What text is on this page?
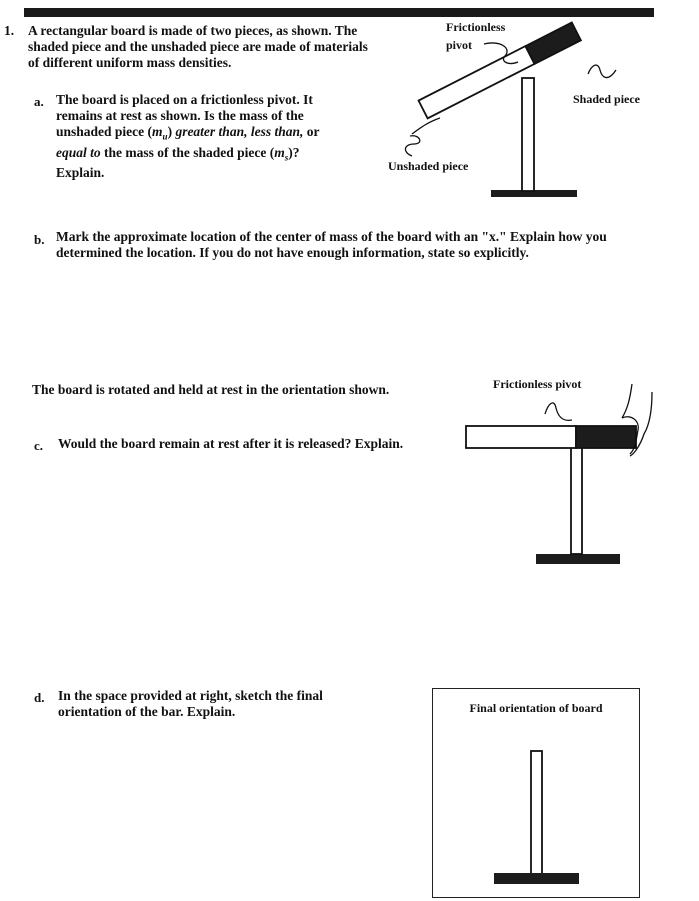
1. A rectangular board is made of two pieces, as shown. The shaded piece and the unshaded piece are made of materials of different uniform mass densities.
a. The board is placed on a frictionless pivot. It remains at rest as shown. Is the mass of the unshaded piece $(m_u)$ greater than, less than, or equal to the mass of the shaded piece $(m_s)$? Explain.
Frictionless
pivot
Shaded piece
Unshaded piece
b. Mark the approximate location of the center of mass of the board with an "x." Explain how you determined the location. If you do not have enough information, state so explicitly.
The board is rotated and held at rest in the orientation shown.	Frictionless pivot
c. Would the board remain at rest after it is released? Explain.
d. In the space provided at right, sketch the final orientation of the bar. Explain.	Final orientation of board
